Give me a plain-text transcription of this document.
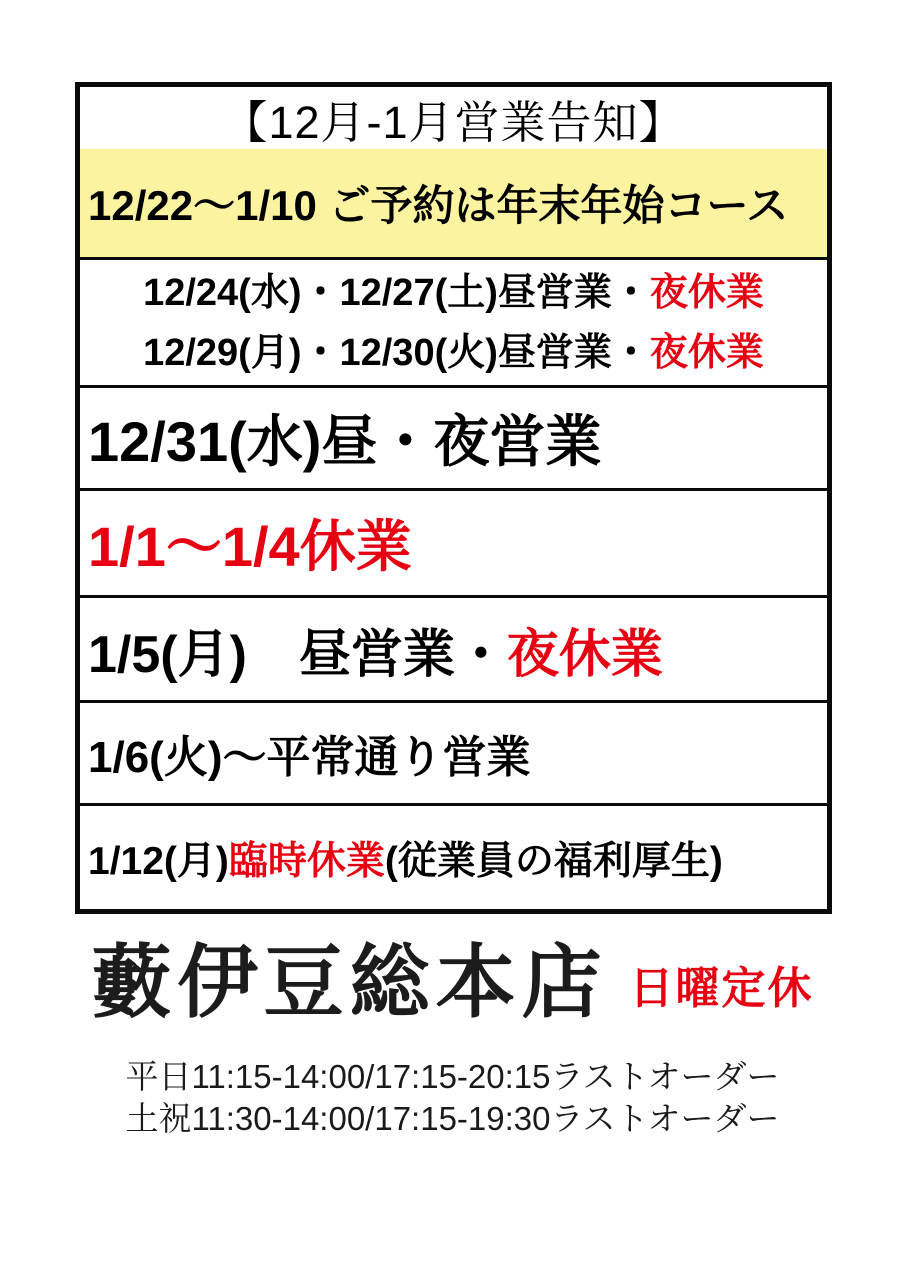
【12月-1月営業告知】
12/22～1/10 ご予約は年末年始コース
12/24(水)・12/27(土)昼営業・夜休業
12/29(月)・12/30(火)昼営業・夜休業
12/31(水)昼・夜営業
1/1～1/4休業
1/5(月)　昼営業・夜休業
1/6(火)～平常通り営業
1/12(月)臨時休業(従業員の福利厚生)
藪伊豆総本店 日曜定休
平日11:15-14:00/17:15-20:15ラストオーダー
土祝11:30-14:00/17:15-19:30ラストオーダー
